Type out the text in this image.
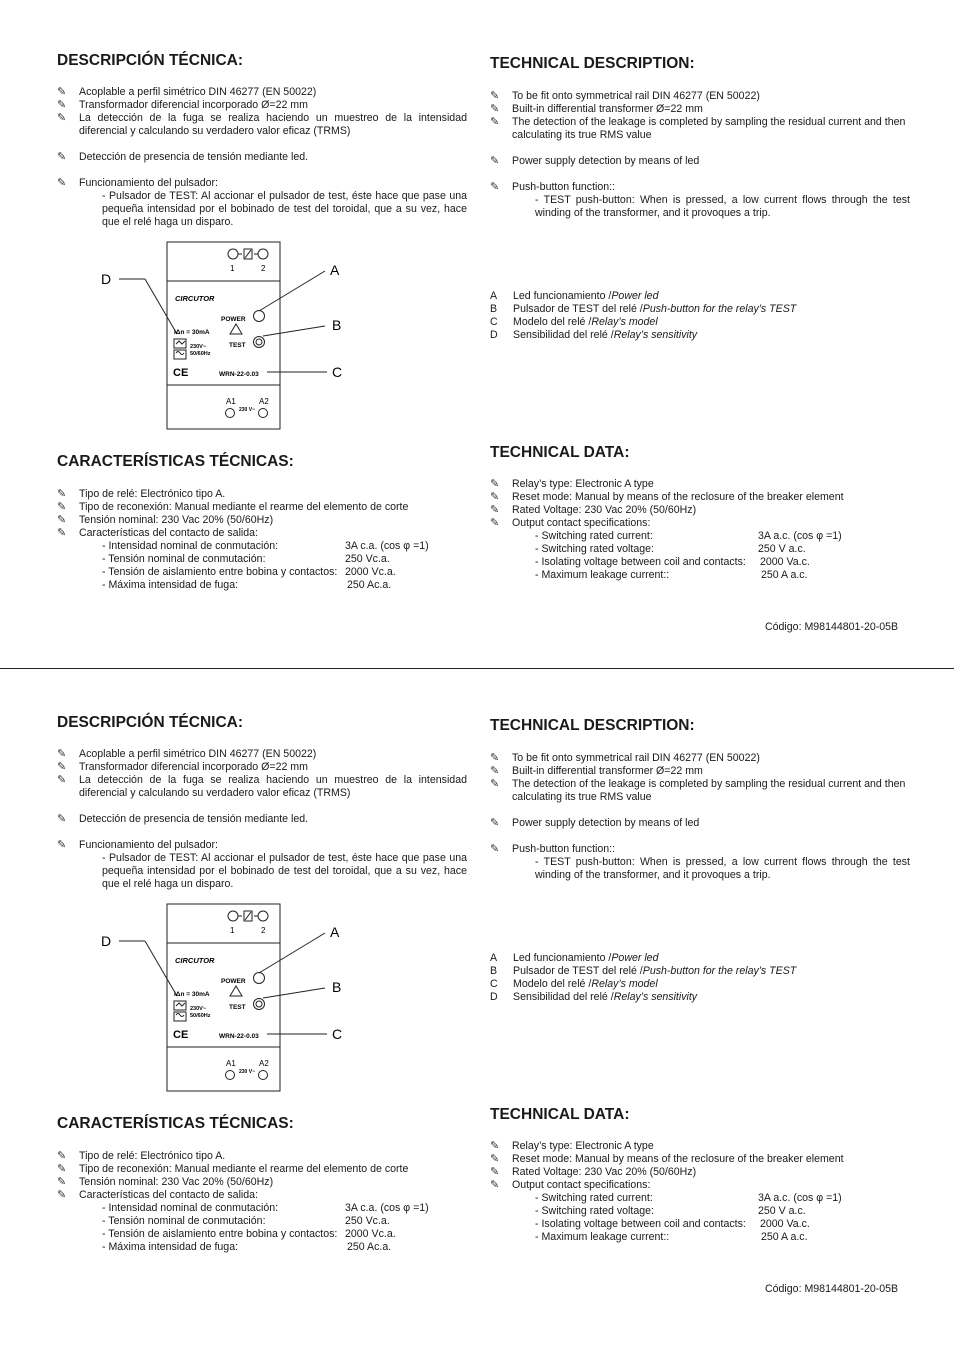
DESCRIPCIÓN TÉCNICA:
✎ Acoplable a perfil simétrico DIN 46277 (EN 50022)
✎ Transformador diferencial incorporado Ø=22 mm
✎ La detección de la fuga se realiza haciendo un muestreo de la intensidad diferencial y calculando su verdadero valor eficaz (TRMS)
✎ Detección de presencia de tensión mediante led.
✎ Funcionamiento del pulsador:
- Pulsador de TEST: Al accionar el pulsador de test, éste hace que pase una pequeña intensidad por el bobinado de test del toroidal, que a su vez, hace que el relé haga un disparo.
D
A
B
C
1	2
CIRCUTOR
POWER
TEST
IΔn = 30mA
230V~
50/60Hz
CE	WRN-22-0.03
A1	A2
230 V~
CARACTERÍSTICAS TÉCNICAS:
✎ Tipo de relé: Electrónico tipo A.
✎ Tipo de reconexión: Manual mediante el rearme del elemento de corte
✎ Tensión nominal: 230 Vac 20% (50/60Hz)
✎ Características del contacto de salida:
- Intensidad nominal de conmutación:	3A c.a. (cos φ =1)
- Tensión nominal de conmutación:	250 Vc.a.
- Tensión de aislamiento entre bobina y contactos: 2000 Vc.a.
- Máxima intensidad de fuga:	250 Ac.a.
TECHNICAL DESCRIPTION:
✎ To be fit onto symmetrical rail DIN 46277 (EN 50022)
✎ Built-in differential transformer Ø=22 mm
✎ The detection of the leakage is completed by sampling the residual current and then calculating its true RMS value
✎ Power supply detection by means of led
✎ Push-button function::
- TEST push-button: When is pressed, a low current flows through the test winding of the transformer, and it provoques a trip.
A	Led funcionamiento / Power led
B	Pulsador de TEST del relé / Push-button for the relay’s TEST
C	Modelo del relé / Relay’s model
D	Sensibilidad del relé / Relay’s sensitivity
TECHNICAL DATA:
✎ Relay’s type: Electronic A type
✎ Reset mode: Manual by means of the reclosure of the breaker element
✎ Rated Voltage: 230 Vac 20% (50/60Hz)
✎ Output contact specifications:
- Switching rated current:	3A a.c. (cos φ =1)
- Switching rated voltage:	250 V a.c.
- Isolating voltage between coil and contacts:	2000 Va.c.
- Maximum leakage current::	250 A a.c.
Código: M98144801-20-05B
DESCRIPCIÓN TÉCNICA:
✎ Acoplable a perfil simétrico DIN 46277 (EN 50022)
✎ Transformador diferencial incorporado Ø=22 mm
✎ La detección de la fuga se realiza haciendo un muestreo de la intensidad diferencial y calculando su verdadero valor eficaz (TRMS)
✎ Detección de presencia de tensión mediante led.
✎ Funcionamiento del pulsador:
- Pulsador de TEST: Al accionar el pulsador de test, éste hace que pase una pequeña intensidad por el bobinado de test del toroidal, que a su vez, hace que el relé haga un disparo.
D
A
B
C
1	2
CIRCUTOR
POWER
TEST
IΔn = 30mA
230V~
50/60Hz
CE	WRN-22-0.03
A1	A2
230 V~
CARACTERÍSTICAS TÉCNICAS:
✎ Tipo de relé: Electrónico tipo A.
✎ Tipo de reconexión: Manual mediante el rearme del elemento de corte
✎ Tensión nominal: 230 Vac 20% (50/60Hz)
✎ Características del contacto de salida:
- Intensidad nominal de conmutación:	3A c.a. (cos φ =1)
- Tensión nominal de conmutación:	250 Vc.a.
- Tensión de aislamiento entre bobina y contactos: 2000 Vc.a.
- Máxima intensidad de fuga:	250 Ac.a.
TECHNICAL DESCRIPTION:
✎ To be fit onto symmetrical rail DIN 46277 (EN 50022)
✎ Built-in differential transformer Ø=22 mm
✎ The detection of the leakage is completed by sampling the residual current and then calculating its true RMS value
✎ Power supply detection by means of led
✎ Push-button function::
- TEST push-button: When is pressed, a low current flows through the test winding of the transformer, and it provoques a trip.
A	Led funcionamiento / Power led
B	Pulsador de TEST del relé / Push-button for the relay’s TEST
C	Modelo del relé / Relay’s model
D	Sensibilidad del relé / Relay’s sensitivity
TECHNICAL DATA:
✎ Relay’s type: Electronic A type
✎ Reset mode: Manual by means of the reclosure of the breaker element
✎ Rated Voltage: 230 Vac 20% (50/60Hz)
✎ Output contact specifications:
- Switching rated current:	3A a.c. (cos φ =1)
- Switching rated voltage:	250 V a.c.
- Isolating voltage between coil and contacts:	2000 Va.c.
- Maximum leakage current::	250 A a.c.
Código: M98144801-20-05B
